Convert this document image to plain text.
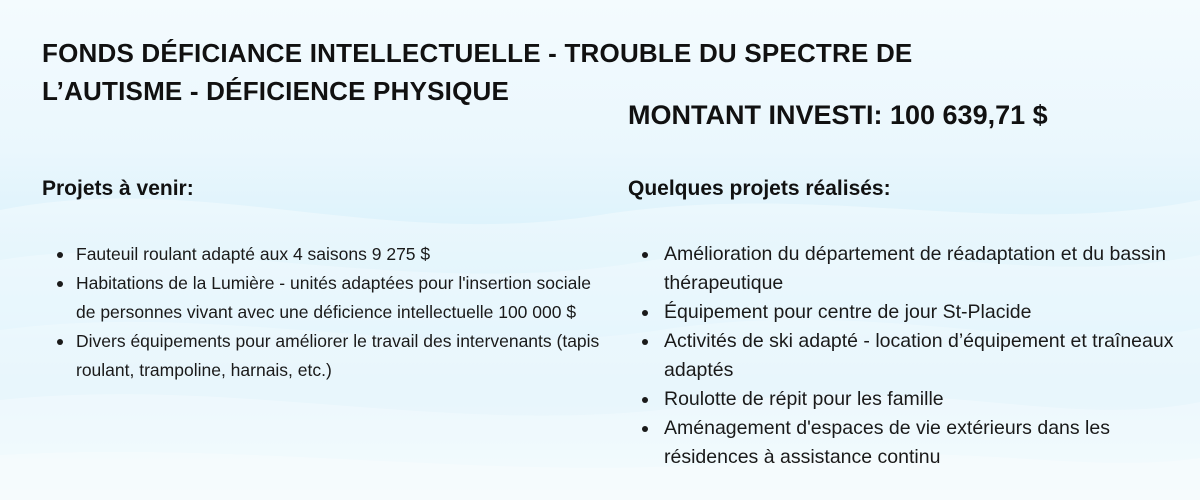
FONDS DÉFICIANCE INTELLECTUELLE - TROUBLE DU SPECTRE DE L’AUTISME - DÉFICIENCE PHYSIQUE
MONTANT INVESTI: 100 639,71 $
Projets à venir:
Fauteuil roulant adapté aux 4 saisons 9 275 $
Habitations de la Lumière - unités adaptées pour l'insertion sociale de personnes vivant avec une déficience intellectuelle 100 000 $
Divers équipements pour améliorer le travail des intervenants (tapis roulant, trampoline, harnais, etc.)
Quelques projets réalisés:
Amélioration du département de réadaptation et du bassin thérapeutique
Équipement pour centre de jour St-Placide
Activités de ski adapté - location d’équipement et traîneaux adaptés
Roulotte de répit pour les famille
Aménagement d'espaces de vie extérieurs dans les résidences à assistance continu
